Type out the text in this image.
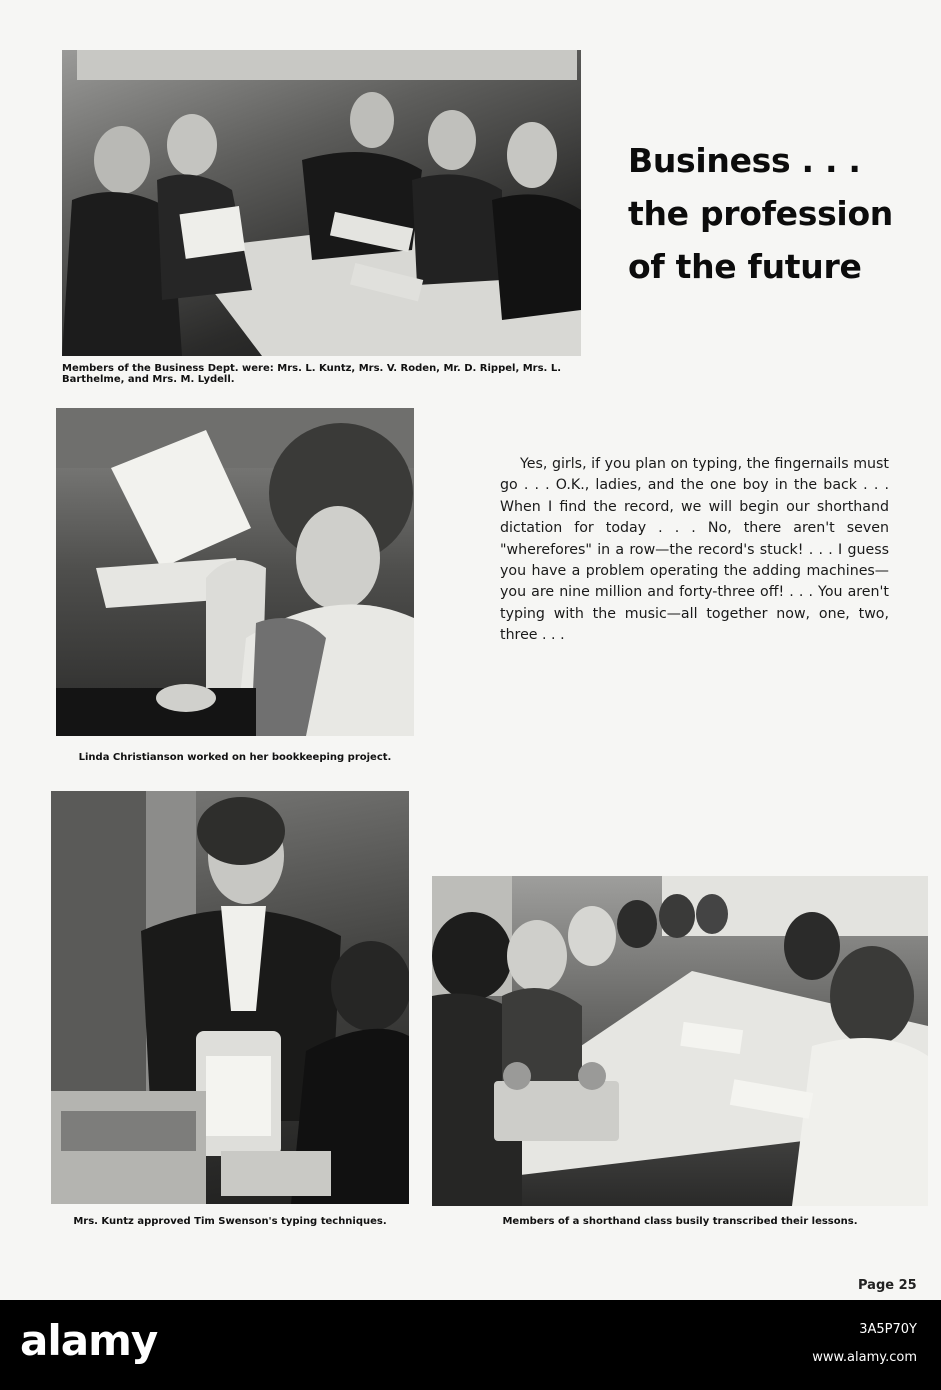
Members of the Business Dept. were: Mrs. L. Kuntz, Mrs. V. Roden, Mr. D. Rippel, Mrs. L. Barthelme, and Mrs. M. Lydell.
Business . . .
the profession
of the future
Linda Christianson worked on her bookkeeping project.
Yes, girls, if you plan on typing, the fingernails must go . . . O.K., ladies, and the one boy in the back . . . When I find the record, we will begin our shorthand dictation for today . . . No, there aren't seven "wherefores" in a row—the record's stuck! . . . I guess you have a problem operating the adding machines—you are nine million and forty-three off! . . . You aren't typing with the music—all together now, one, two, three . . .
Mrs. Kuntz approved Tim Swenson's typing techniques.	Members of a shorthand class busily transcribed their lessons.
Page 25
alamy	3A5P70Y
www.alamy.com
